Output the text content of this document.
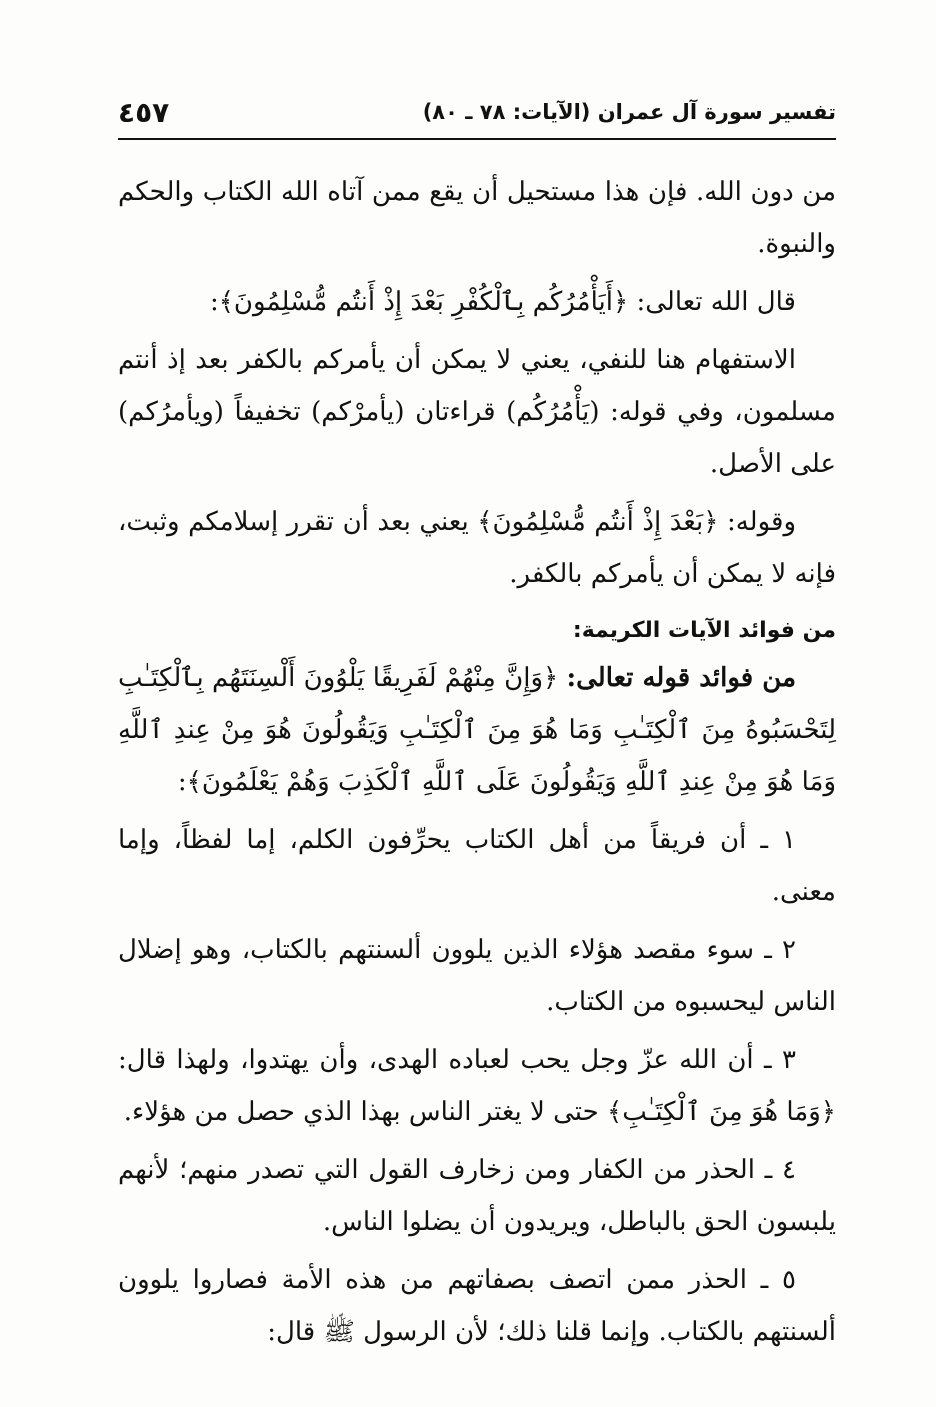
تفسير سورة آل عمران (الآيات: ٧٨ ـ ٨٠)
٤٥٧

من دون الله. فإن هذا مستحيل أن يقع ممن آتاه الله الكتاب والحكم والنبوة.

قال الله تعالى: ﴿أَيَأْمُرُكُم بِٱلْكُفْرِ بَعْدَ إِذْ أَنتُم مُّسْلِمُونَ﴾:

الاستفهام هنا للنفي، يعني لا يمكن أن يأمركم بالكفر بعد إذ أنتم مسلمون، وفي قوله: (يَأْمُرُكُم) قراءتان (يأمرْكم) تخفيفاً (ويأمرُكم) على الأصل.

وقوله: ﴿بَعْدَ إِذْ أَنتُم مُّسْلِمُونَ﴾ يعني بعد أن تقرر إسلامكم وثبت، فإنه لا يمكن أن يأمركم بالكفر.

من فوائد الآيات الكريمة:

من فوائد قوله تعالى: ﴿وَإِنَّ مِنْهُمْ لَفَرِيقًا يَلْوُونَ أَلْسِنَتَهُم بِٱلْكِتَـٰبِ لِتَحْسَبُوهُ مِنَ ٱلْكِتَـٰبِ وَمَا هُوَ مِنَ ٱلْكِتَـٰبِ وَيَقُولُونَ هُوَ مِنْ عِندِ ٱللَّهِ وَمَا هُوَ مِنْ عِندِ ٱللَّهِ وَيَقُولُونَ عَلَى ٱللَّهِ ٱلْكَذِبَ وَهُمْ يَعْلَمُونَ﴾:

١ ـ أن فريقاً من أهل الكتاب يحرِّفون الكلم، إما لفظاً، وإما معنى.

٢ ـ سوء مقصد هؤلاء الذين يلوون ألسنتهم بالكتاب، وهو إضلال الناس ليحسبوه من الكتاب.

٣ ـ أن الله عزّ وجل يحب لعباده الهدى، وأن يهتدوا، ولهذا قال: ﴿وَمَا هُوَ مِنَ ٱلْكِتَـٰبِ﴾ حتى لا يغتر الناس بهذا الذي حصل من هؤلاء.

٤ ـ الحذر من الكفار ومن زخارف القول التي تصدر منهم؛ لأنهم يلبسون الحق بالباطل، ويريدون أن يضلوا الناس.

٥ ـ الحذر ممن اتصف بصفاتهم من هذه الأمة فصاروا يلوون ألسنتهم بالكتاب. وإنما قلنا ذلك؛ لأن الرسول ﷺ قال:
